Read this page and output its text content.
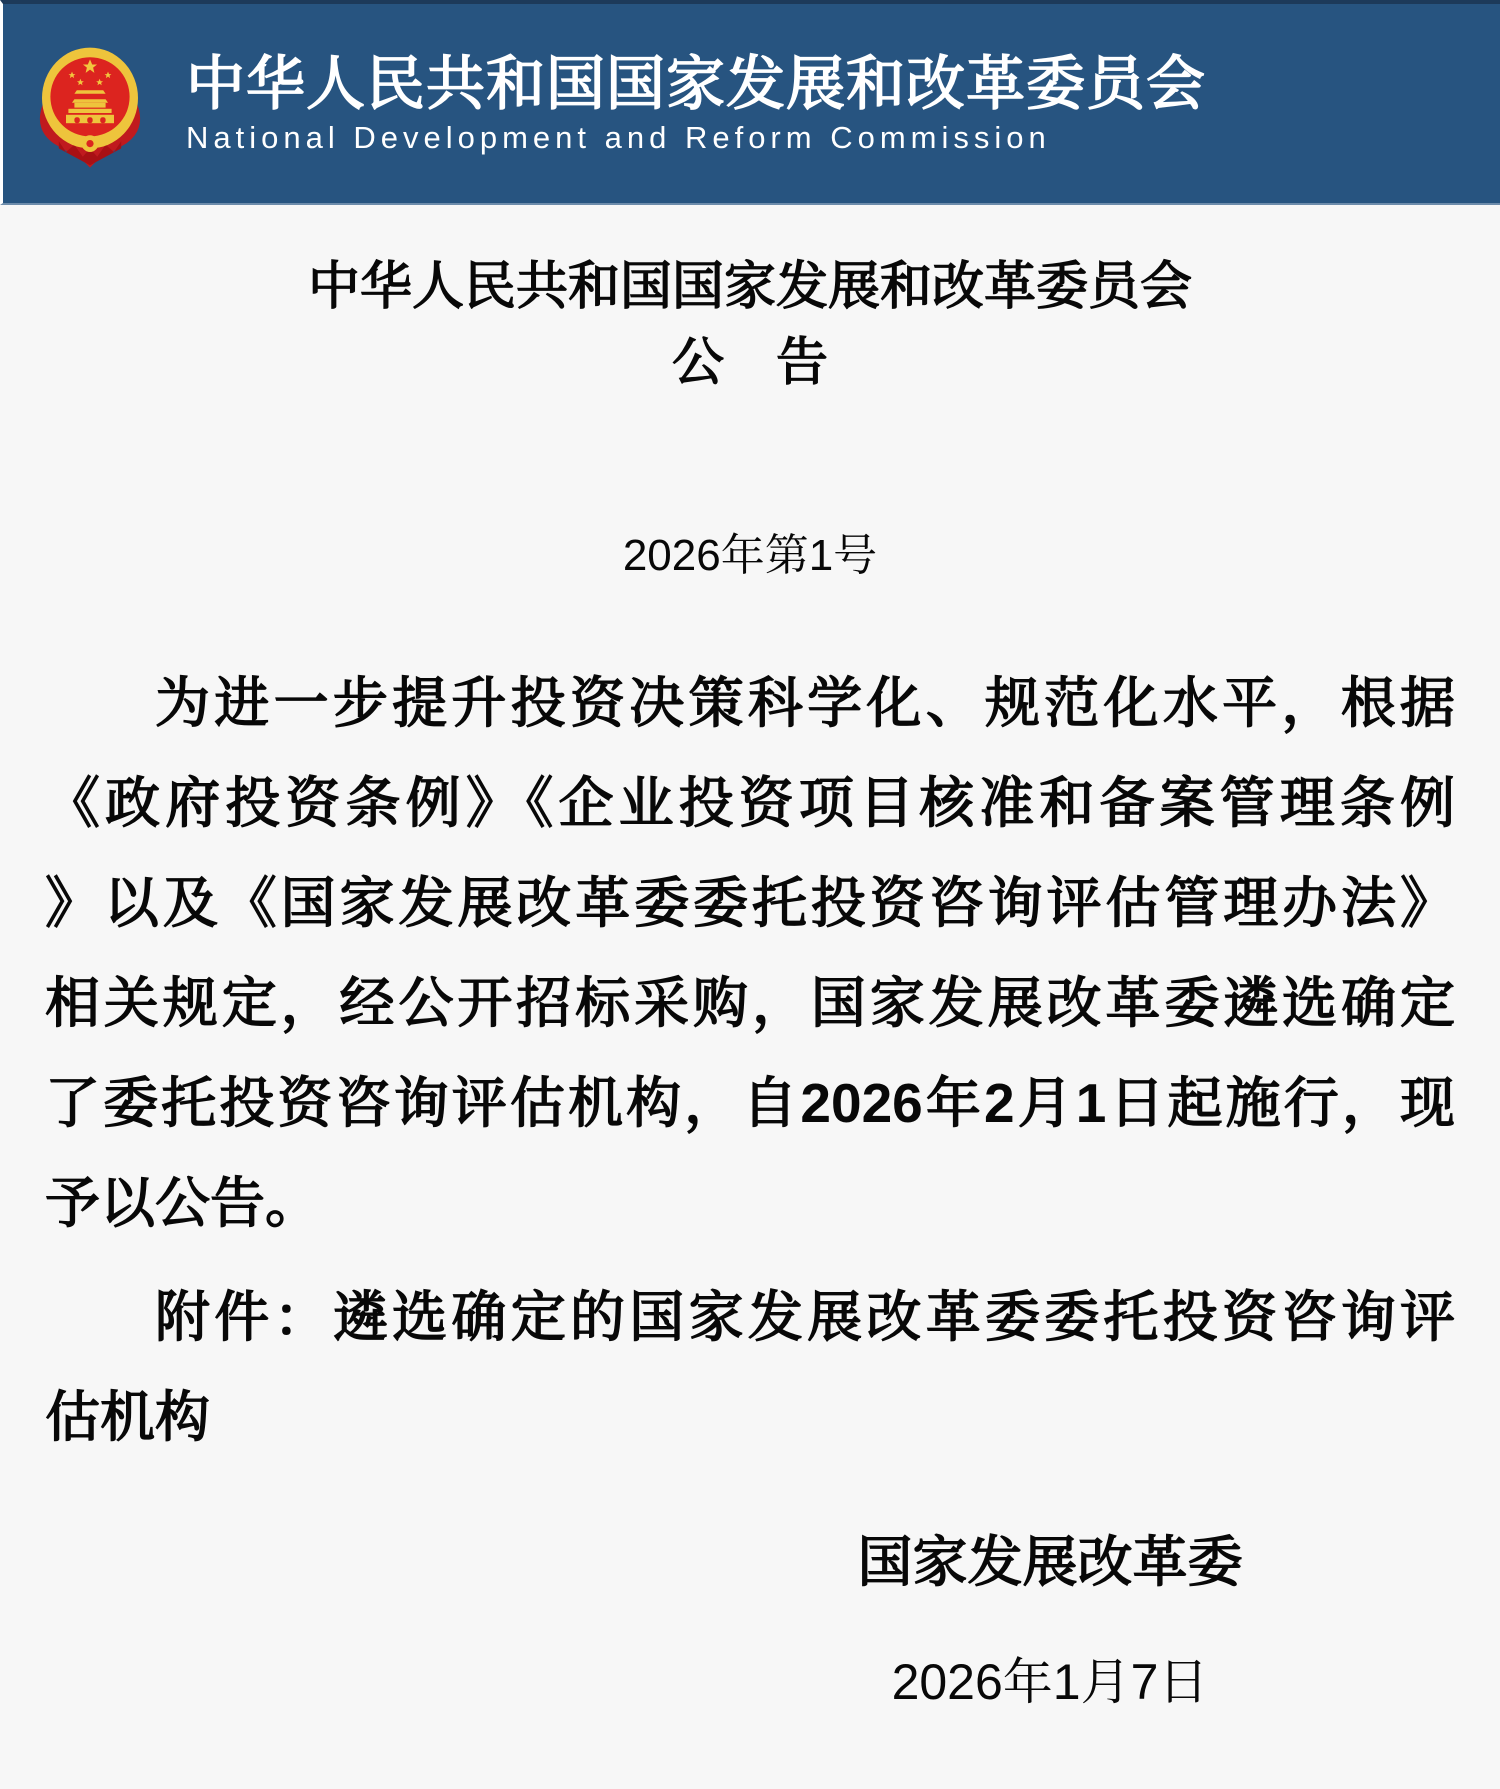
中华人民共和国国家发展和改革委员会
National Development and Reform Commission
中华人民共和国国家发展和改革委员会
公　告
2026年第1号
为进一步提升投资决策科学化、规范化水平，根据
《政府投资条例》《企业投资项目核准和备案管理条例
》以及《国家发展改革委委托投资咨询评估管理办法》
相关规定，经公开招标采购，国家发展改革委遴选确定
了委托投资咨询评估机构，自2026年2月1日起施行，现
予以公告。
附件：遴选确定的国家发展改革委委托投资咨询评
估机构
国家发展改革委
2026年1月7日
